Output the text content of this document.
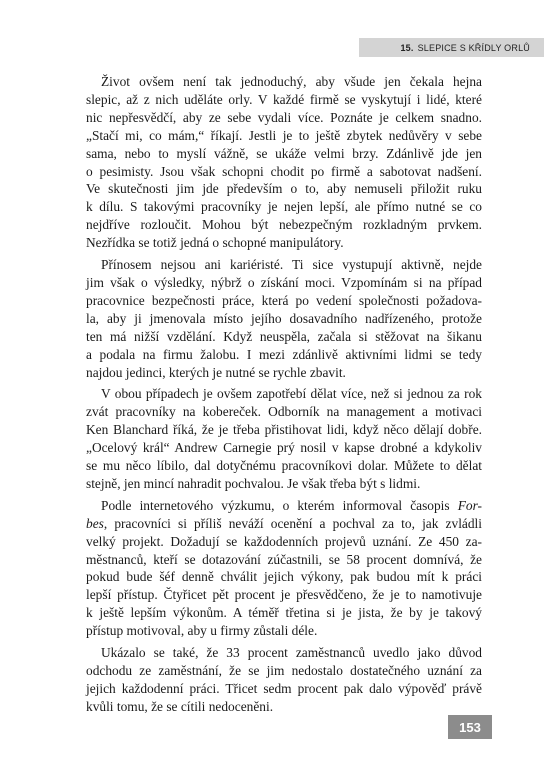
15. SLEPICE S KŘÍDLY ORLŮ

Život ovšem není tak jednoduchý, aby všude jen čekala hejna
slepic, až z nich uděláte orly. V každé firmě se vyskytují i lidé, které
nic nepřesvědčí, aby ze sebe vydali více. Poznáte je celkem snadno.
„Stačí mi, co mám,“ říkají. Jestli je to ještě zbytek nedůvěry v sebe
sama, nebo to myslí vážně, se ukáže velmi brzy. Zdánlivě jde jen
o pesimisty. Jsou však schopni chodit po firmě a sabotovat nadšení.
Ve skutečnosti jim jde především o to, aby nemuseli přiložit ruku
k dílu. S takovými pracovníky je nejen lepší, ale přímo nutné se co
nejdříve rozloučit. Mohou být nebezpečným rozkladným prvkem.
Nezřídka se totiž jedná o schopné manipulátory.

Přínosem nejsou ani kariéristé. Ti sice vystupují aktivně, nejde
jim však o výsledky, nýbrž o získání moci. Vzpomínám si na případ
pracovnice bezpečnosti práce, která po vedení společnosti požadova-
la, aby ji jmenovala místo jejího dosavadního nadřízeného, protože
ten má nižší vzdělání. Když neuspěla, začala si stěžovat na šikanu
a podala na firmu žalobu. I mezi zdánlivě aktivními lidmi se tedy
najdou jedinci, kterých je nutné se rychle zbavit.

V obou případech je ovšem zapotřebí dělat více, než si jednou za rok
zvát pracovníky na kobereček. Odborník na management a motivaci
Ken Blanchard říká, že je třeba přistihovat lidi, když něco dělají dobře.
„Ocelový král“ Andrew Carnegie prý nosil v kapse drobné a kdykoliv
se mu něco líbilo, dal dotyčnému pracovníkovi dolar. Můžete to dělat
stejně, jen mincí nahradit pochvalou. Je však třeba být s lidmi.

Podle internetového výzkumu, o kterém informoval časopis For-
bes, pracovníci si příliš neváží ocenění a pochval za to, jak zvládli
velký projekt. Dožadují se každodenních projevů uznání. Ze 450 za-
městnanců, kteří se dotazování zúčastnili, se 58 procent domnívá, že
pokud bude šéf denně chválit jejich výkony, pak budou mít k práci
lepší přístup. Čtyřicet pět procent je přesvědčeno, že je to namotivuje
k ještě lepším výkonům. A téměř třetina si je jista, že by je takový
přístup motivoval, aby u firmy zůstali déle.

Ukázalo se také, že 33 procent zaměstnanců uvedlo jako důvod
odchodu ze zaměstnání, že se jim nedostalo dostatečného uznání za
jejich každodenní práci. Třicet sedm procent pak dalo výpověď právě
kvůli tomu, že se cítili nedoceněni.

153
